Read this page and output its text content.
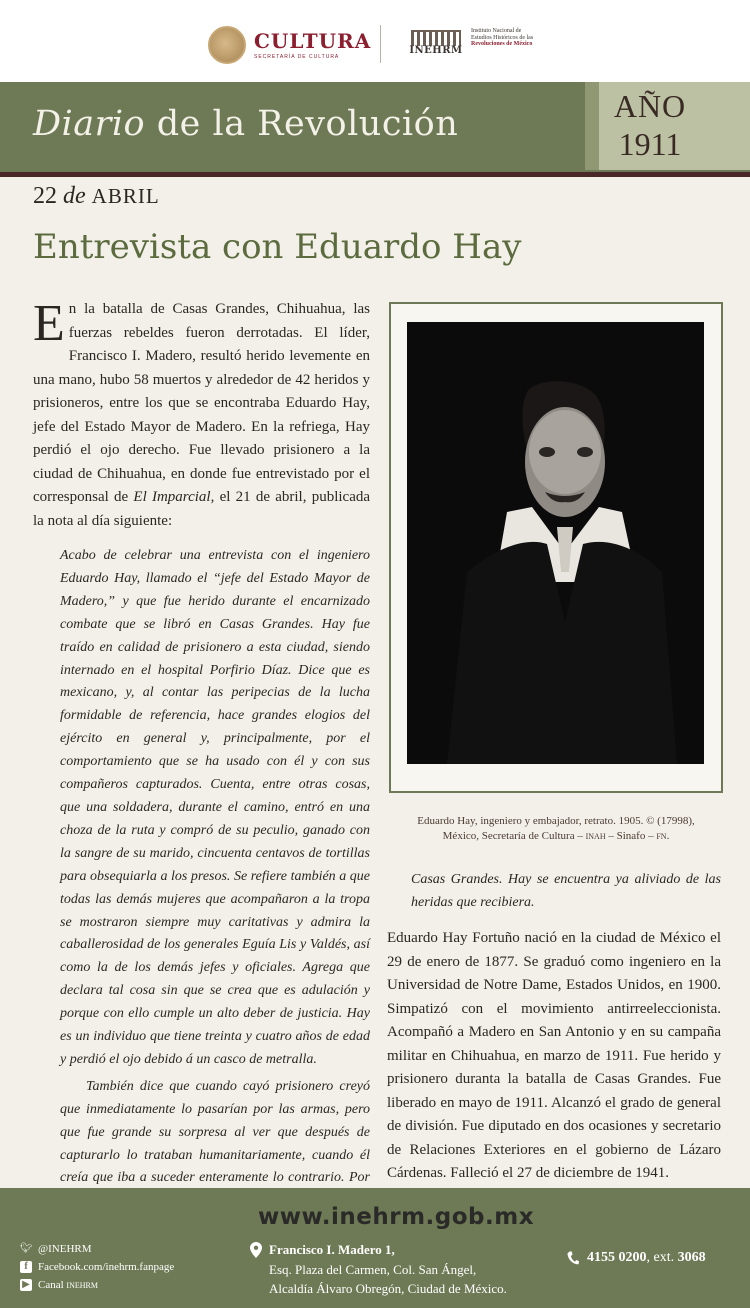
CULTURA
SECRETARÍA DE CULTURA
INEHRM
Instituto Nacional de
Estudios Históricos de las
Revoluciones de México
Diario de la Revolución	AÑO
1911
22 de ABRIL
Entrevista con Eduardo Hay

En la batalla de Casas Grandes, Chihuahua, las fuerzas rebeldes fueron derrotadas. El líder, Francisco I. Madero, resultó herido levemente en una mano, hubo 58 muertos y alrededor de 42 heridos y prisioneros, entre los que se encontraba Eduardo Hay, jefe del Estado Mayor de Madero. En la refriega, Hay perdió el ojo derecho. Fue llevado prisionero a la ciudad de Chihuahua, en donde fue entrevistado por el corresponsal de El Imparcial, el 21 de abril, publicada la nota al día siguiente:

Acabo de celebrar una entrevista con el ingeniero Eduardo Hay, llamado el “jefe del Estado Mayor de Madero,” y que fue herido durante el encarnizado combate que se libró en Casas Grandes. Hay fue traído en calidad de prisionero a esta ciudad, siendo internado en el hospital Porfirio Díaz. Dice que es mexicano, y, al contar las peripecias de la lucha formidable de referencia, hace grandes elogios del ejército en general y, principalmente, por el comportamiento que se ha usado con él y con sus compañeros capturados. Cuenta, entre otras cosas, que una soldadera, durante el camino, entró en una choza de la ruta y compró de su peculio, ganado con la sangre de su marido, cincuenta centavos de tortillas para obsequiarla a los presos. Se refiere también a que todas las demás mujeres que acompañaron a la tropa se mostraron siempre muy caritativas y admira la caballerosidad de los generales Eguía Lis y Valdés, así como la de los demás jefes y oficiales. Agrega que declara tal cosa sin que se crea que es adulación y porque con ello cumple un alto deber de justicia. Hay es un individuo que tiene treinta y cuatro años de edad y perdió el ojo debido á un casco de metralla.

También dice que cuando cayó prisionero creyó que inmediatamente lo pasarían por las armas, pero que fue grande su sorpresa al ver que después de capturarlo lo trataban humanitariamente, cuando él creía que iba a suceder enteramente lo contrario. Por

Eduardo Hay, ingeniero y embajador, retrato. 1905. © (17998),
México, Secretaría de Cultura – inah – Sinafo – fn.

Casas Grandes. Hay se encuentra ya aliviado de las heridas que recibiera.

Eduardo Hay Fortuño nació en la ciudad de México el 29 de enero de 1877. Se graduó como ingeniero en la Universidad de Notre Dame, Estados Unidos, en 1900. Simpatizó con el movimiento antirreeleccionista. Acompañó a Madero en San Antonio y en su campaña militar en Chihuahua, en marzo de 1911. Fue herido y prisionero duranta la batalla de Casas Grandes. Fue liberado en mayo de 1911. Alcanzó el grado de general de división. Fue diputado en dos ocasiones y secretario de Relaciones Exteriores en el gobierno de Lázaro Cárdenas. Falleció el 27 de diciembre de 1941.

www.inehrm.gob.mx
🐦︎ @INEHRM
f Facebook.com/inehrm.fanpage
▶ Canal inehrm
Francisco I. Madero 1,
Esq. Plaza del Carmen, Col. San Ángel,
Alcaldía Álvaro Obregón, Ciudad de México.
4155 0200, ext. 3068
